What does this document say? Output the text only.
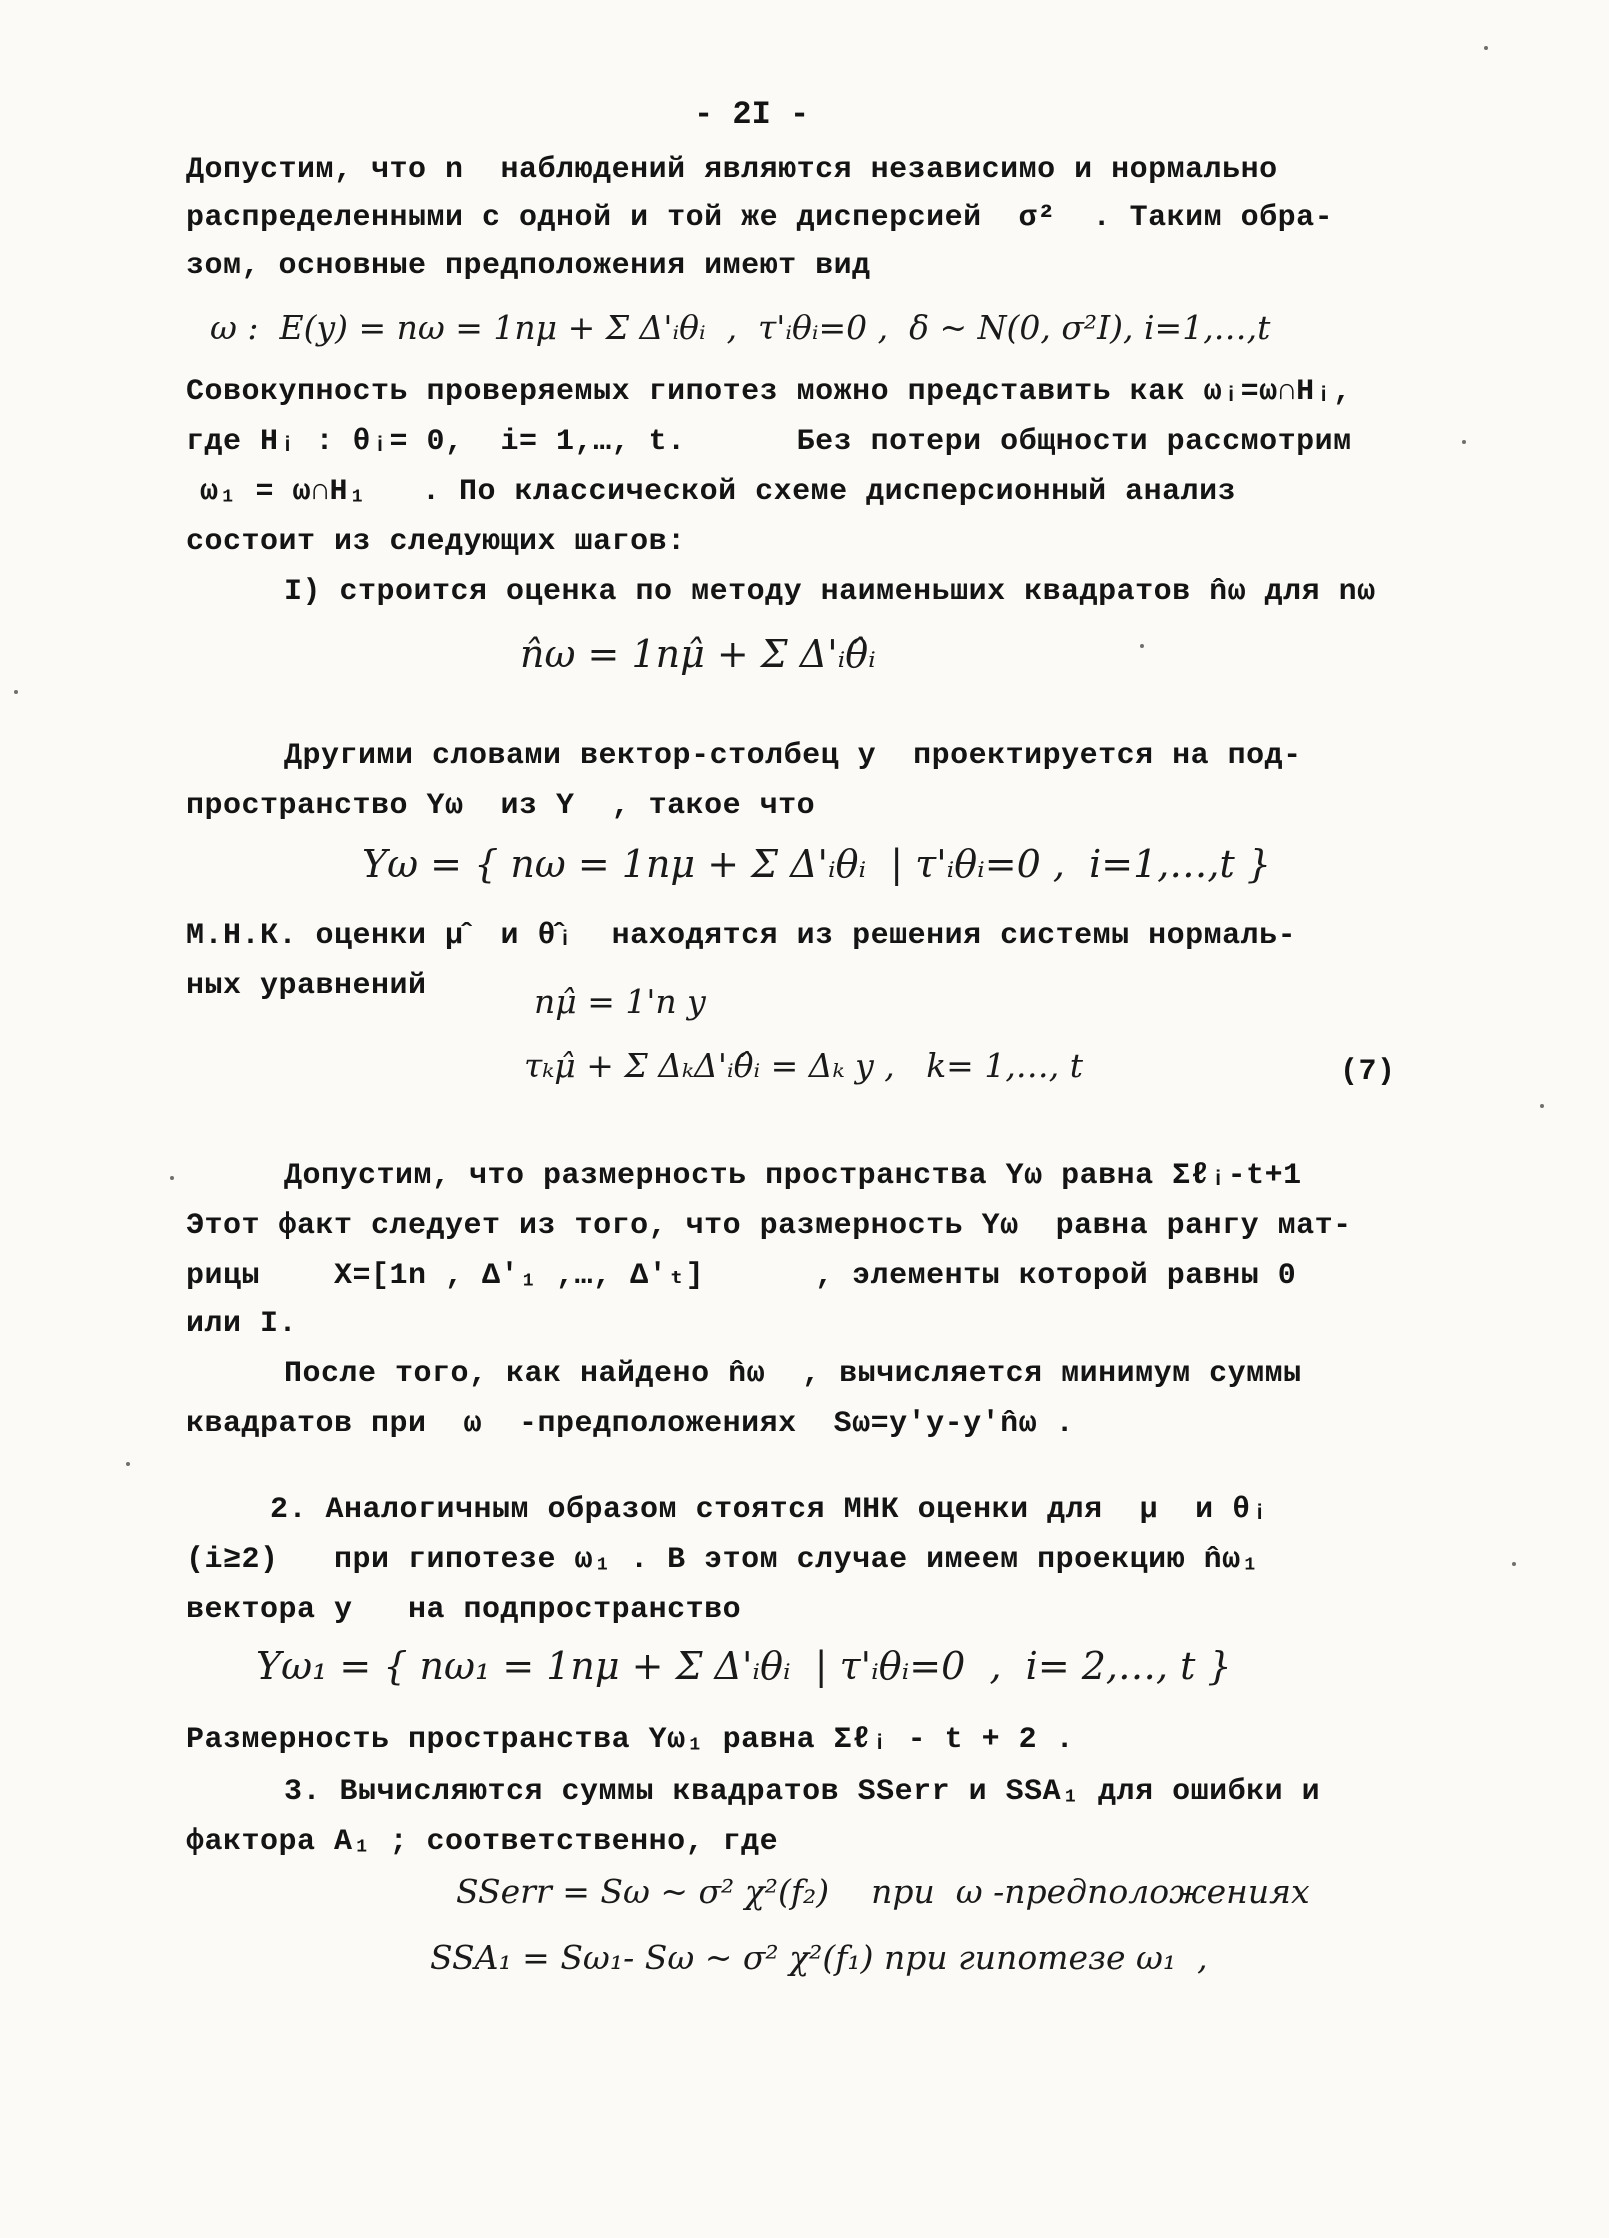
- 2I -
Допустим, что n  наблюдений являются независимо и нормально
распределенными с одной и той же дисперсией  σ²  . Таким обра-
зом, основные предположения имеют вид
ω :  E(y) = nω = 1nμ + Σ Δ'ᵢθᵢ  ,  τ'ᵢθᵢ=0 ,  δ ~ N(0, σ²I), i=1,…,t
Совокупность проверяемых гипотез можно представить как ωᵢ=ω∩Hᵢ,
где Hᵢ : θᵢ= 0,  i= 1,…, t.      Без потери общности рассмотрим
ω₁ = ω∩H₁   . По классической схеме дисперсионный анализ
состоит из следующих шагов:
I) строится оценка по методу наименьших квадратов n̂ω для nω
n̂ω = 1nμ̂ + Σ Δ'ᵢθ̂ᵢ
Другими словами вектор-столбец y  проектируется на под-
пространство Yω  из Y  , такое что
Yω = { nω = 1nμ + Σ Δ'ᵢθᵢ  | τ'ᵢθᵢ=0 ,  i=1,…,t }
М.Н.К. оценки μ̂  и θ̂ᵢ  находятся из решения системы нормаль-
ных уравнений	nμ̂ = 1'n y
τₖμ̂ + Σ ΔₖΔ'ᵢθ̂ᵢ = Δₖ y ,   k= 1,…, t	(7)
Допустим, что размерность пространства Yω равна Σℓᵢ-t+1
Этот факт следует из того, что размерность Yω  равна рангу мат-
рицы    X=[1n , Δ'₁ ,…, Δ'ₜ]      , элементы которой равны 0
или I.
После того, как найдено n̂ω  , вычисляется минимум суммы
квадратов при  ω  -предположениях  Sω=y'y-y'n̂ω .
2. Аналогичным образом стоятся МНК оценки для  μ  и θᵢ
(i≥2)   при гипотезе ω₁ . В этом случае имеем проекцию n̂ω₁
вектора y   на подпространство
Yω₁ = { nω₁ = 1nμ + Σ Δ'ᵢθᵢ  | τ'ᵢθᵢ=0  ,  i= 2,…, t }
Размерность пространства Yω₁ равна Σℓᵢ - t + 2 .
3. Вычисляются суммы квадратов SSerr и SSA₁ для ошибки и
фактора A₁ ; соответственно, где
SSerr = Sω ~ σ² χ²(f₂)    при  ω -предположениях
SSA₁ = Sω₁- Sω ~ σ² χ²(f₁) при гипотезе ω₁  ,
